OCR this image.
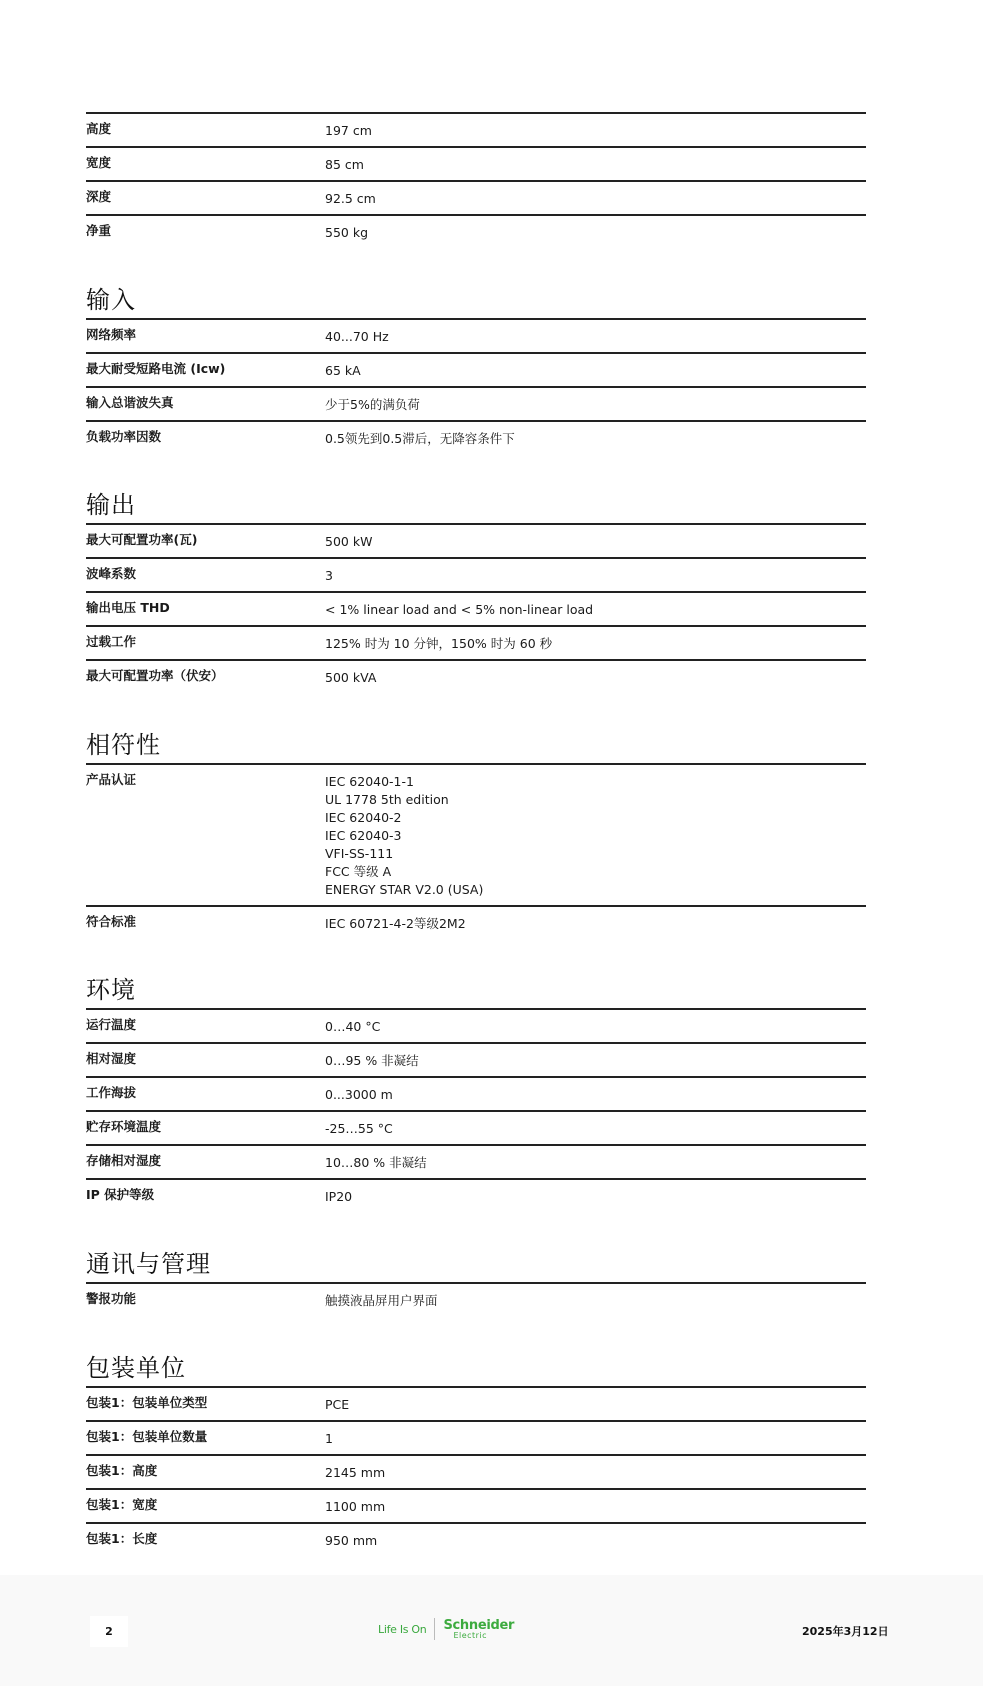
高度	197 cm
宽度	85 cm
深度	92.5 cm
净重	550 kg
输入
网络频率	40...70 Hz
最大耐受短路电流 (Icw)	65 kA
输入总谐波失真	少于5%的满负荷
负载功率因数	0.5领先到0.5滞后，无降容条件下
输出
最大可配置功率(瓦)	500 kW
波峰系数	3
输出电压 THD	< 1% linear load and < 5% non-linear load
过载工作	125% 时为 10 分钟，150% 时为 60 秒
最大可配置功率（伏安）	500 kVA
相符性
产品认证	IEC 62040-1-1
UL 1778 5th edition
IEC 62040-2
IEC 62040-3
VFI-SS-111
FCC 等级 A
ENERGY STAR V2.0 (USA)
符合标准	IEC 60721-4-2等级2M2
环境
运行温度	0…40 °C
相对湿度	0…95 % 非凝结
工作海拔	0...3000 m
贮存环境温度	-25…55 °C
存储相对湿度	10…80 % 非凝结
IP 保护等级	IP20
通讯与管理
警报功能	触摸液晶屏用户界面
包装单位
包装1：包装单位类型	PCE
包装1：包装单位数量	1
包装1：高度	2145 mm
包装1：宽度	1100 mm
包装1：长度	950 mm
2	Life Is On Schneider
Electric	2025年3月12日
